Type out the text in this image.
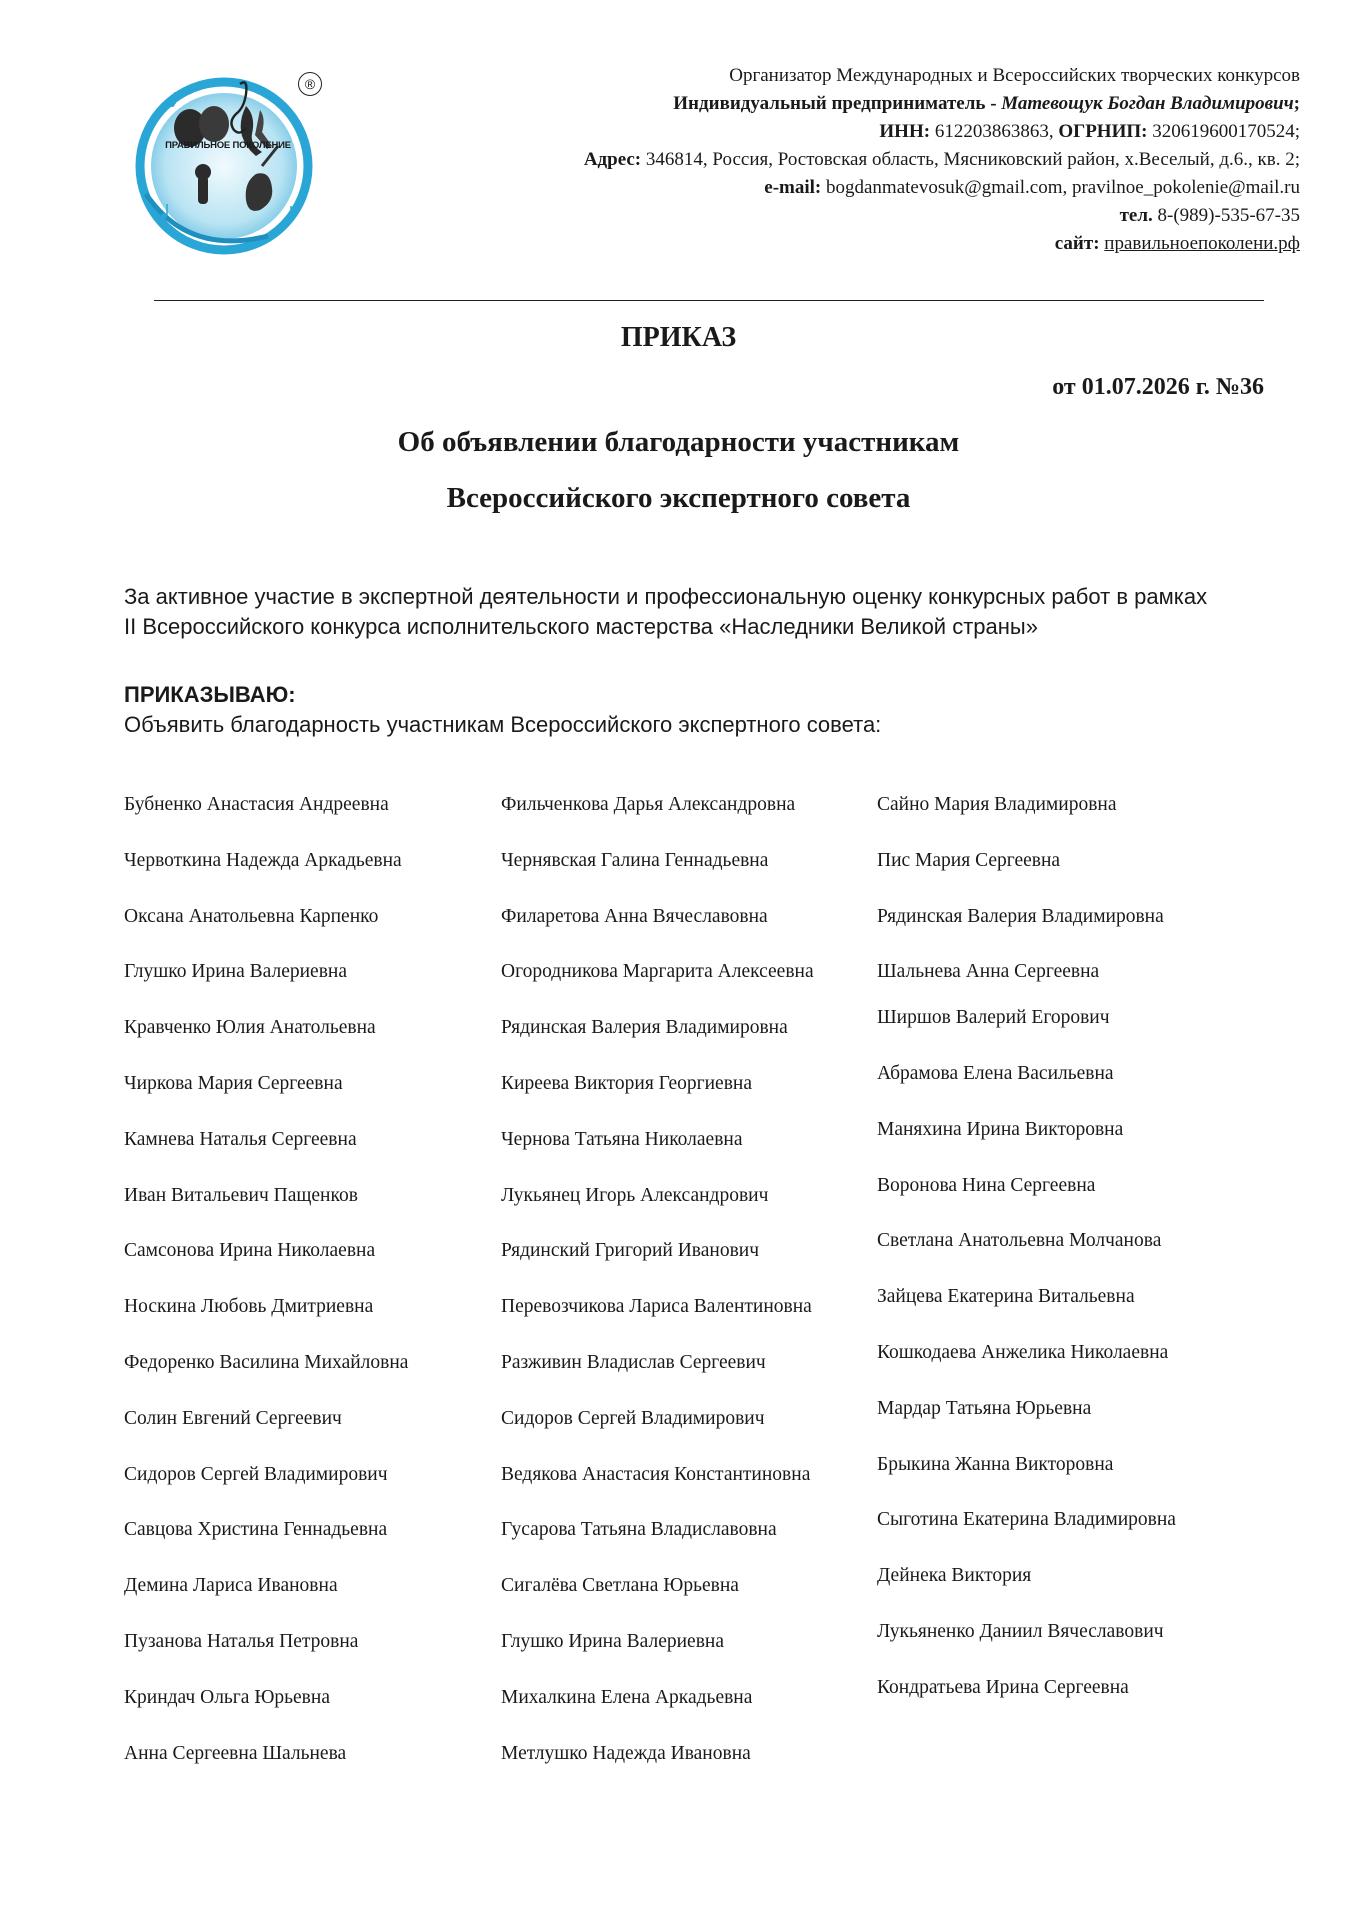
ПРАВИЛЬНОЕ ПОКОЛЕНИЕ
®	Организатор Международных и Всероссийских творческих конкурсов
Индивидуальный предприниматель - Матевощук Богдан Владимирович;
ИНН: 612203863863, ОГРНИП: 320619600170524;
Адрес: 346814, Россия, Ростовская область, Мясниковский район, х.Веселый, д.6., кв. 2;
e-mail: bogdanmatevosuk@gmail.com, pravilnoe_pokolenie@mail.ru
тел. 8-(989)-535-67-35
сайт: правильноепоколени.рф
ПРИКАЗ
от 01.07.2026 г. №36
Об объявлении благодарности участникам
Всероссийского экспертного совета
За активное участие в экспертной деятельности и профессиональную оценку конкурсных работ в рамках
II Всероссийского конкурса исполнительского мастерства «Наследники Великой страны»
ПРИКАЗЫВАЮ:
Объявить благодарность участникам Всероссийского экспертного совета:
Бубненко Анастасия Андреевна
Червоткина Надежда Аркадьевна
Оксана Анатольевна Карпенко
Глушко Ирина Валериевна
Кравченко Юлия Анатольевна
Чиркова Мария Сергеевна
Камнева Наталья Сергеевна
Иван Витальевич Пащенков
Самсонова Ирина Николаевна
Носкина Любовь Дмитриевна
Федоренко Василина Михайловна
Солин Евгений Сергеевич
Сидоров Сергей Владимирович
Савцова Христина Геннадьевна
Демина Лариса Ивановна
Пузанова Наталья Петровна
Криндач Ольга Юрьевна
Анна Сергеевна Шальнева
Фильченкова Дарья Александровна
Чернявская Галина Геннадьевна
Филаретова Анна Вячеславовна
Огородникова Маргарита Алексеевна
Рядинская Валерия Владимировна
Киреева Виктория Георгиевна
Чернова Татьяна Николаевна
Лукьянец Игорь Александрович
Рядинский Григорий Иванович
Перевозчикова Лариса Валентиновна
Разживин Владислав Сергеевич
Сидоров Сергей Владимирович
Ведякова Анастасия Константиновна
Гусарова Татьяна Владиславовна
Сигалёва Светлана Юрьевна
Глушко Ирина Валериевна
Михалкина Елена Аркадьевна
Метлушко Надежда Ивановна
Сайно Мария Владимировна
Пис Мария Сергеевна
Рядинская Валерия Владимировна
Шальнева Анна Сергеевна
Ширшов Валерий Егорович
Абрамова Елена Васильевна
Маняхина Ирина Викторовна
Воронова Нина Сергеевна
Светлана Анатольевна Молчанова
Зайцева Екатерина Витальевна
Кошкодаева Анжелика Николаевна
Мардар Татьяна Юрьевна
Брыкина Жанна Викторовна
Сыготина Екатерина Владимировна
Дейнека Виктория
Лукьяненко Даниил Вячеславович
Кондратьева Ирина Сергеевна
